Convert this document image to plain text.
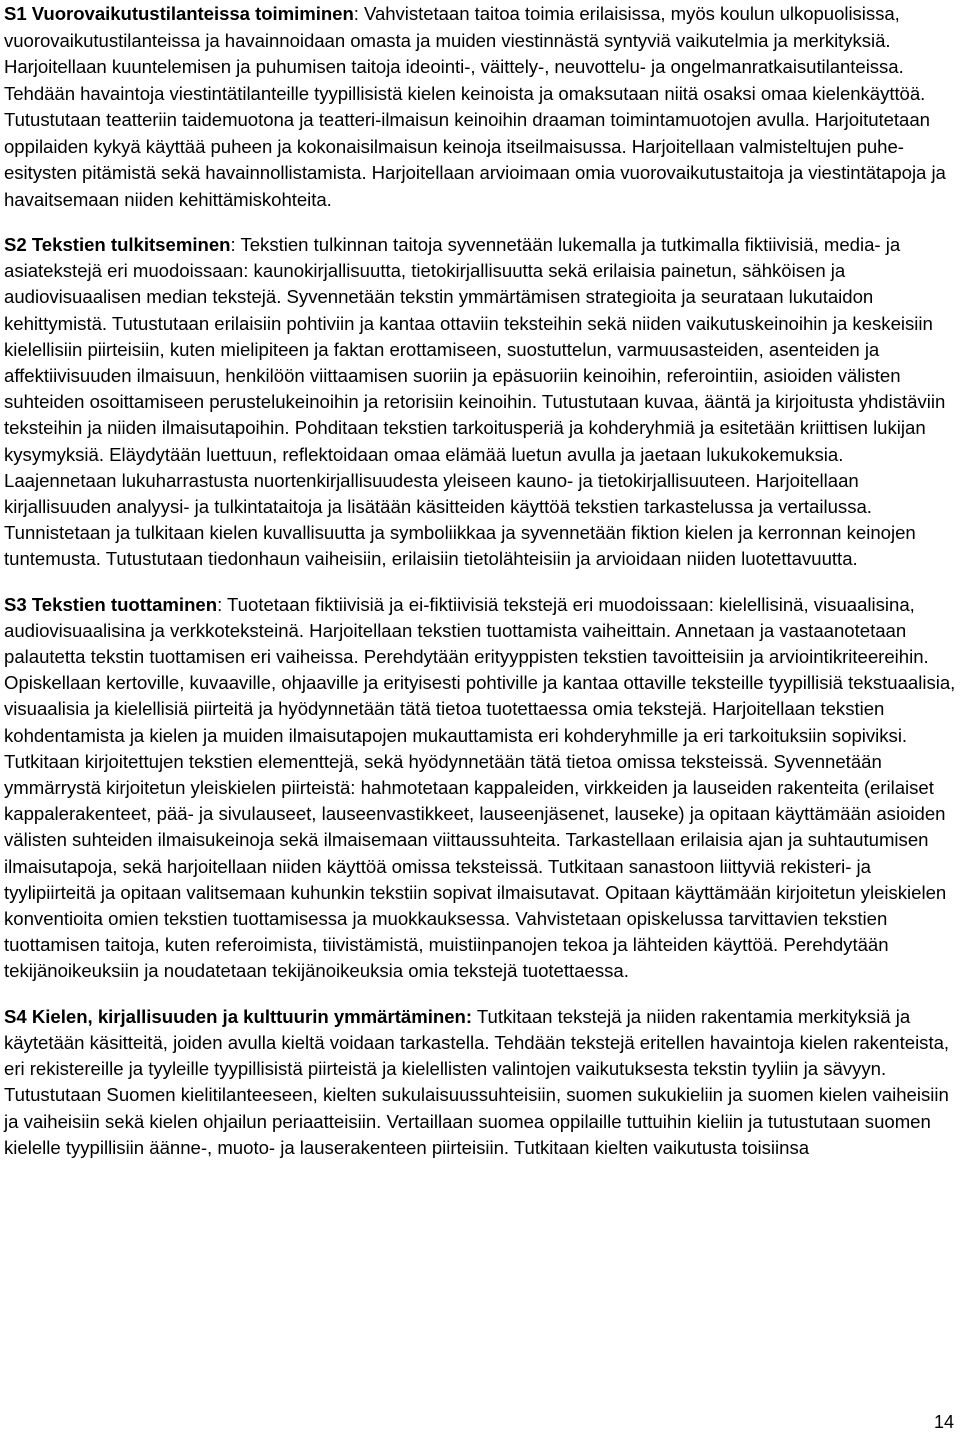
S1 Vuorovaikutustilanteissa toimiminen: Vahvistetaan taitoa toimia erilaisissa, myös koulun ulkopuolisissa, vuorovaikutustilanteissa ja havainnoidaan omasta ja muiden viestinnästä syntyviä vaikutelmia ja merkityksiä. Harjoitellaan kuuntelemisen ja puhumisen taitoja ideointi-, väittely-, neuvottelu- ja ongelmanratkaisutilanteissa. Tehdään havaintoja viestintätilanteille tyypillisistä kielen keinoista ja omaksutaan niitä osaksi omaa kielenkäyttöä. Tutustutaan teatteriin taidemuotona ja teatteri-ilmaisun keinoihin draaman toimintamuotojen avulla. Harjoitutetaan oppilaiden kykyä käyttää puheen ja kokonaisilmaisun keinoja itseilmaisussa. Harjoitellaan valmisteltujen puhe-esitysten pitämistä sekä havainnollistamista. Harjoitellaan arvioimaan omia vuorovaikutustaitoja ja viestintätapoja ja havaitsemaan niiden kehittämiskohteita.

S2 Tekstien tulkitseminen: Tekstien tulkinnan taitoja syvennetään lukemalla ja tutkimalla fiktiivisiä, media- ja asiatekstejä eri muodoissaan: kaunokirjallisuutta, tietokirjallisuutta sekä erilaisia painetun, sähköisen ja audiovisuaalisen median tekstejä. Syvennetään tekstin ymmärtämisen strategioita ja seurataan lukutaidon kehittymistä. Tutustutaan erilaisiin pohtiviin ja kantaa ottaviin teksteihin sekä niiden vaikutuskeinoihin ja keskeisiin kielellisiin piirteisiin, kuten mielipiteen ja faktan erottamiseen, suostuttelun, varmuusasteiden, asenteiden ja affektiivisuuden ilmaisuun, henkilöön viittaamisen suoriin ja epäsuoriin keinoihin, referointiin, asioiden välisten suhteiden osoittamiseen perustelukeinoihin ja retorisiin keinoihin. Tutustutaan kuvaa, ääntä ja kirjoitusta yhdistäviin teksteihin ja niiden ilmaisutapoihin. Pohditaan tekstien tarkoitusperiä ja kohderyhmiä ja esitetään kriittisen lukijan kysymyksiä. Eläydytään luettuun, reflektoidaan omaa elämää luetun avulla ja jaetaan lukukokemuksia. Laajennetaan lukuharrastusta nuortenkirjallisuudesta yleiseen kauno- ja tietokirjallisuuteen. Harjoitellaan kirjallisuuden analyysi- ja tulkintataitoja ja lisätään käsitteiden käyttöä tekstien tarkastelussa ja vertailussa. Tunnistetaan ja tulkitaan kielen kuvallisuutta ja symboliikkaa ja syvennetään fiktion kielen ja kerronnan keinojen tuntemusta. Tutustutaan tiedonhaun vaiheisiin, erilaisiin tietolähteisiin ja arvioidaan niiden luotettavuutta.

S3 Tekstien tuottaminen: Tuotetaan fiktiivisiä ja ei-fiktiivisiä tekstejä eri muodoissaan: kielellisinä, visuaalisina, audiovisuaalisina ja verkkoteksteinä. Harjoitellaan tekstien tuottamista vaiheittain. Annetaan ja vastaanotetaan palautetta tekstin tuottamisen eri vaiheissa. Perehdytään erityyppisten tekstien tavoitteisiin ja arviointikriteereihin. Opiskellaan kertoville, kuvaaville, ohjaaville ja erityisesti pohtiville ja kantaa ottaville teksteille tyypillisiä tekstuaalisia, visuaalisia ja kielellisiä piirteitä ja hyödynnetään tätä tietoa tuotettaessa omia tekstejä. Harjoitellaan tekstien kohdentamista ja kielen ja muiden ilmaisutapojen mukauttamista eri kohderyhmille ja eri tarkoituksiin sopiviksi. Tutkitaan kirjoitettujen tekstien elementtejä, sekä hyödynnetään tätä tietoa omissa teksteissä. Syvennetään ymmärrystä kirjoitetun yleiskielen piirteistä: hahmotetaan kappaleiden, virkkeiden ja lauseiden rakenteita (erilaiset kappalerakenteet, pää- ja sivulauseet, lauseenvastikkeet, lauseenjäsenet, lauseke) ja opitaan käyttämään asioiden välisten suhteiden ilmaisukeinoja sekä ilmaisemaan viittaussuhteita. Tarkastellaan erilaisia ajan ja suhtautumisen ilmaisutapoja, sekä harjoitellaan niiden käyttöä omissa teksteissä. Tutkitaan sanastoon liittyviä rekisteri- ja tyylipiirteitä ja opitaan valitsemaan kuhunkin tekstiin sopivat ilmaisutavat. Opitaan käyttämään kirjoitetun yleiskielen konventioita omien tekstien tuottamisessa ja muokkauksessa. Vahvistetaan opiskelussa tarvittavien tekstien tuottamisen taitoja, kuten referoimista, tiivistämistä, muistiinpanojen tekoa ja lähteiden käyttöä. Perehdytään tekijänoikeuksiin ja noudatetaan tekijänoikeuksia omia tekstejä tuotettaessa.

S4 Kielen, kirjallisuuden ja kulttuurin ymmärtäminen: Tutkitaan tekstejä ja niiden rakentamia merkityksiä ja käytetään käsitteitä, joiden avulla kieltä voidaan tarkastella. Tehdään tekstejä eritellen havaintoja kielen rakenteista, eri rekistereille ja tyyleille tyypillisistä piirteistä ja kielellisten valintojen vaikutuksesta tekstin tyyliin ja sävyyn. Tutustutaan Suomen kielitilanteeseen, kielten sukulaisuussuhteisiin, suomen sukukieliin ja suomen kielen vaiheisiin ja vaiheisiin sekä kielen ohjailun periaatteisiin. Vertaillaan suomea oppilaille tuttuihin kieliin ja tutustutaan suomen kielelle tyypillisiin äänne-, muoto- ja lauserakenteen piirteisiin. Tutkitaan kielten vaikutusta toisiinsa

14
